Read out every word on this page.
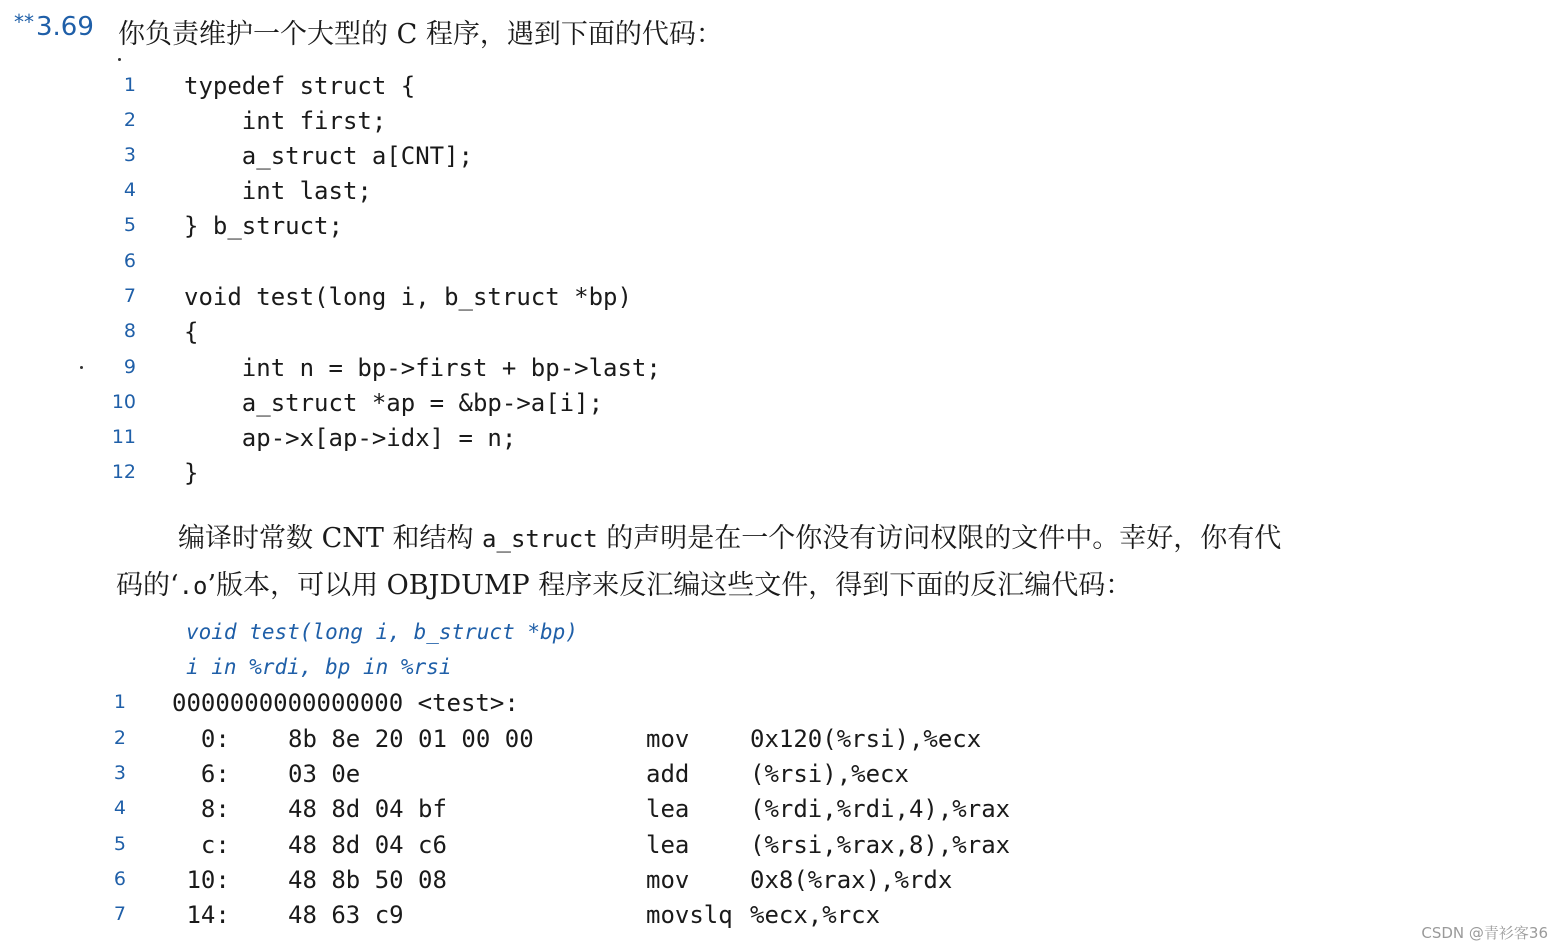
**3.69 你负责维护一个大型的 C 程序，遇到下面的代码：
1 typedef struct {
2 int first;
3 a_struct a[CNT];
4 int last;
5 } b_struct;
6
7 void test(long i, b_struct *bp)
8 {
9 int n = bp->first + bp->last;
10 a_struct *ap = &bp->a[i];
11 ap->x[ap->idx] = n;
12 }
编译时常数 CNT 和结构 a_struct 的声明是在一个你没有访问权限的文件中。幸好，你有代
码的‘.o’版本，可以用 OBJDUMP 程序来反汇编这些文件，得到下面的反汇编代码：
void test(long i, b_struct *bp)
i in %rdi, bp in %rsi
1 0000000000000000 <test>:
2 0: 8b 8e 20 01 00 00	mov	0x120(%rsi),%ecx
3 6: 03 0e	add	(%rsi),%ecx
4 8: 48 8d 04 bf	lea	(%rdi,%rdi,4),%rax
5 c: 48 8d 04 c6	lea	(%rsi,%rax,8),%rax
6 10: 48 8b 50 08	mov	0x8(%rax),%rdx
7 14: 48 63 c9	movslq %ecx,%rcx
CSDN @青衫客36
